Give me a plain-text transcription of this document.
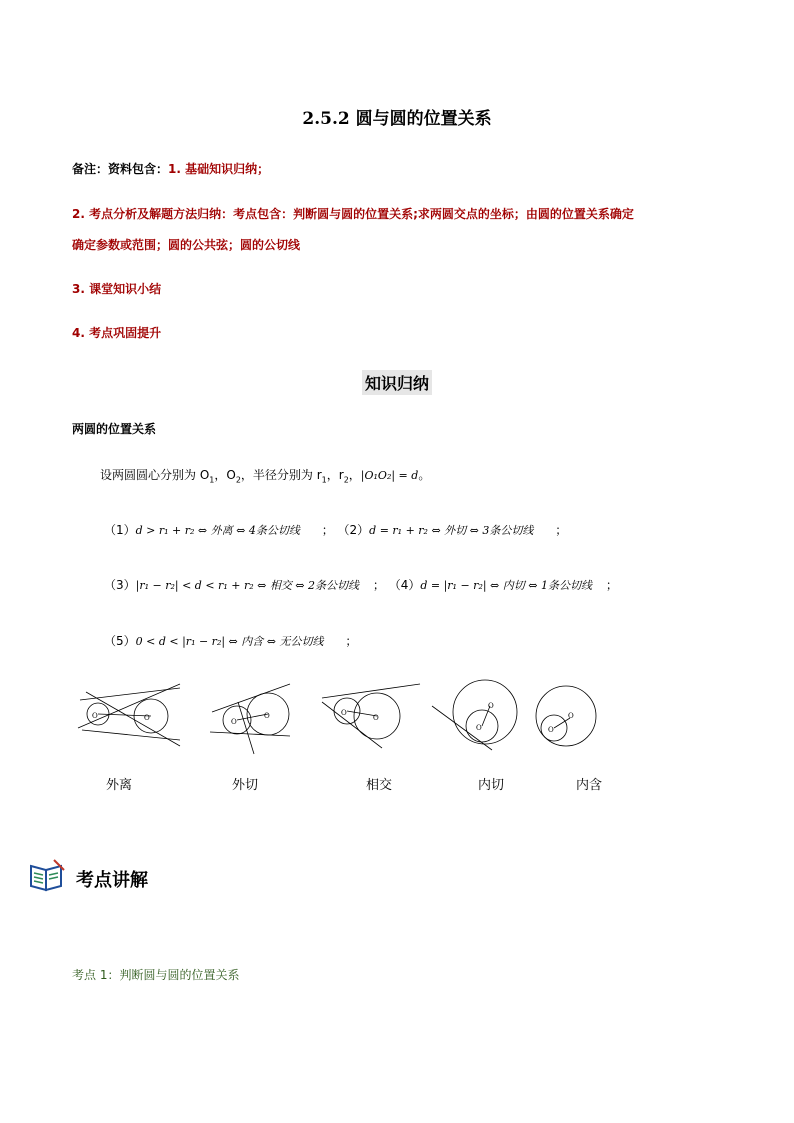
2.5.2 圆与圆的位置关系
备注：资料包含：1. 基础知识归纳；
2. 考点分析及解题方法归纳：考点包含：判断圆与圆的位置关系;求两圆交点的坐标；由圆的位置关系确定
确定参数或范围；圆的公共弦；圆的公切线
3. 课堂知识小结
4. 考点巩固提升
知识归纳
两圆的位置关系
设两圆圆心分别为 $O_1$，$O_2$，半径分别为 $r_1$，$r_2$，|O₁O₂| = d。
（1）d > r₁ + r₂ ⇔ 外离 ⇔ 4条公切线 ； （2）d = r₁ + r₂ ⇔ 外切 ⇔ 3条公切线 ；
（3）|r₁ − r₂| < d < r₁ + r₂ ⇔ 相交 ⇔ 2条公切线 ； （4）d = |r₁ − r₂| ⇔ 内切 ⇔ 1条公切线 ；
（5）0 < d < |r₁ − r₂| ⇔ 内含 ⇔ 无公切线 ；
O	O	O
O	O
O
O
O
O
O
外离	外切	相交	内切	内含
考点讲解
考点 1：判断圆与圆的位置关系
